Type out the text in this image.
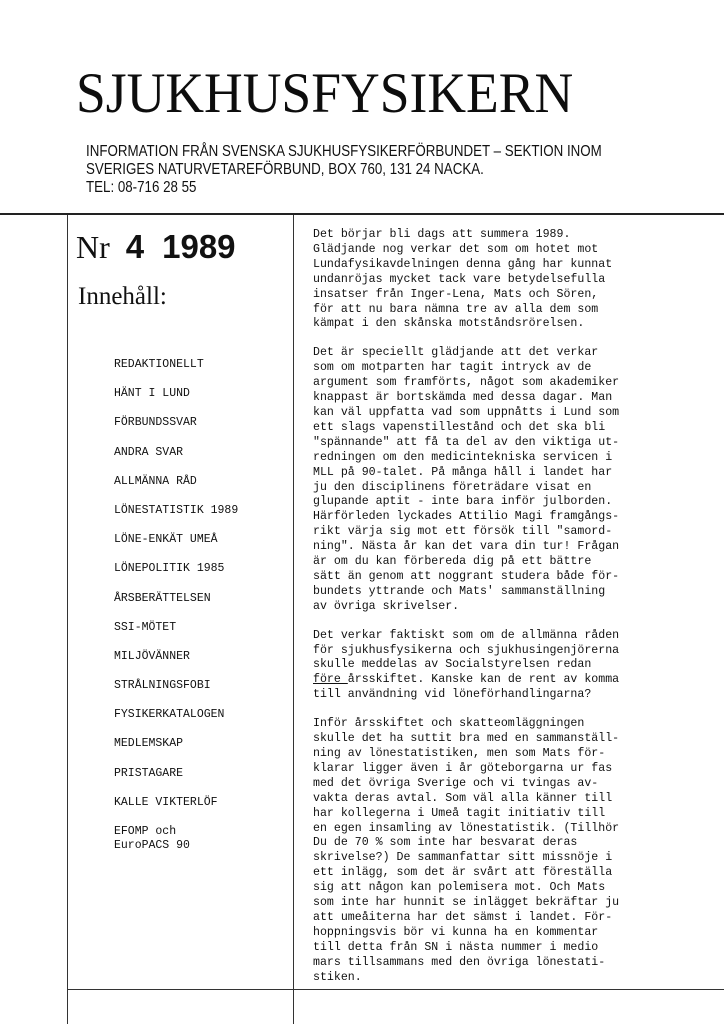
SJUKHUSFYSIKERN
INFORMATION FRÅN SVENSKA SJUKHUSFYSIKERFÖRBUNDET – SEKTION INOM
SVERIGES NATURVETAREFÖRBUND, BOX 760, 131 24 NACKA.
TEL: 08-716 28 55
Nr 4 1989
Innehåll:
REDAKTIONELLT
HÄNT I LUND
FÖRBUNDSSVAR
ANDRA SVAR
ALLMÄNNA RÅD
LÖNESTATISTIK 1989
LÖNE-ENKÄT UMEÅ
LÖNEPOLITIK 1985
ÅRSBERÄTTELSEN
SSI-MÖTET
MILJÖVÄNNER
STRÅLNINGSFOBI
FYSIKERKATALOGEN
MEDLEMSKAP
PRISTAGARE
KALLE VIKTERLÖF
EFOMP och
EuroPACS 90

Det börjar bli dags att summera 1989.
Glädjande nog verkar det som om hotet mot
Lundafysikavdelningen denna gång har kunnat
undanröjas mycket tack vare betydelsefulla
insatser från Inger-Lena, Mats och Sören,
för att nu bara nämna tre av alla dem som
kämpat i den skånska motståndsrörelsen.

Det är speciellt glädjande att det verkar
som om motparten har tagit intryck av de
argument som framförts, något som akademiker
knappast är bortskämda med dessa dagar. Man
kan väl uppfatta vad som uppnåtts i Lund som
ett slags vapenstillestånd och det ska bli
"spännande" att få ta del av den viktiga ut-
redningen om den medicintekniska servicen i
MLL på 90-talet. På många håll i landet har
ju den disciplinens företrädare visat en
glupande aptit - inte bara inför julborden.
Härförleden lyckades Attilio Magi framgångs-
rikt värja sig mot ett försök till "samord-
ning". Nästa år kan det vara din tur! Frågan
är om du kan förbereda dig på ett bättre
sätt än genom att noggrant studera både för-
bundets yttrande och Mats' sammanställning
av övriga skrivelser.

Det verkar faktiskt som om de allmänna råden
för sjukhusfysikerna och sjukhusingenjörerna
skulle meddelas av Socialstyrelsen redan
före årsskiftet. Kanske kan de rent av komma
till användning vid löneförhandlingarna?

Inför årsskiftet och skatteomläggningen
skulle det ha suttit bra med en sammanställ-
ning av lönestatistiken, men som Mats för-
klarar ligger även i år göteborgarna ur fas
med det övriga Sverige och vi tvingas av-
vakta deras avtal. Som väl alla känner till
har kollegerna i Umeå tagit initiativ till
en egen insamling av lönestatistik. (Tillhör
Du de 70 % som inte har besvarat deras
skrivelse?) De sammanfattar sitt missnöje i
ett inlägg, som det är svårt att föreställa
sig att någon kan polemisera mot. Och Mats
som inte har hunnit se inlägget bekräftar ju
att umeåiterna har det sämst i landet. För-
hoppningsvis bör vi kunna ha en kommentar
till detta från SN i nästa nummer i medio
mars tillsammans med den övriga lönestati-
stiken.
